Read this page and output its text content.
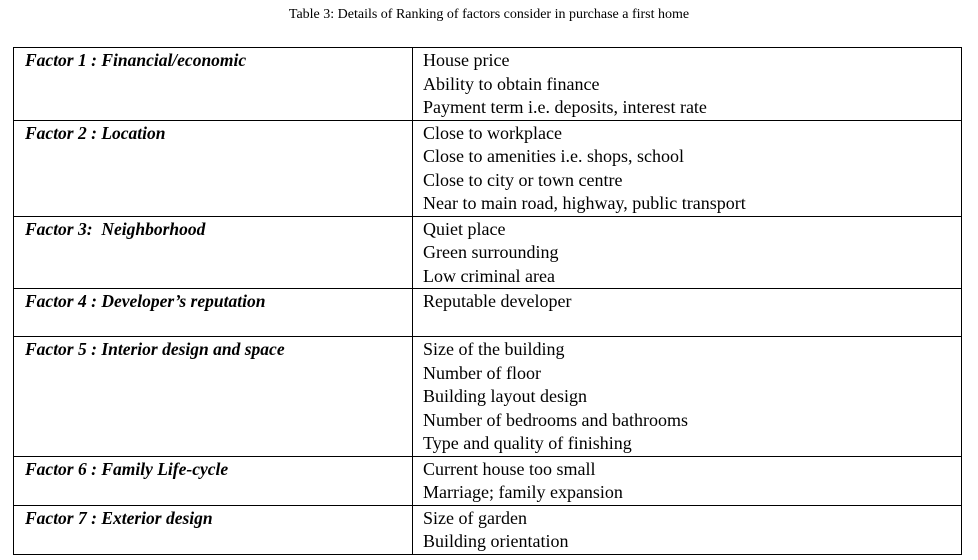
Table 3: Details of Ranking of factors consider in purchase a first home
Factor 1 : Financial/economic	House price
Ability to obtain finance
Payment term i.e. deposits, interest rate

Factor 2 : Location	Close to workplace
Close to amenities i.e. shops, school
Close to city or town centre
Near to main road, highway, public transport

Factor 3:  Neighborhood	Quiet place
Green surrounding
Low criminal area

Factor 4 : Developer’s reputation	Reputable developer

Factor 5 : Interior design and space	Size of the building
Number of floor
Building layout design
Number of bedrooms and bathrooms
Type and quality of finishing

Factor 6 : Family Life-cycle	Current house too small
Marriage; family expansion

Factor 7 : Exterior design	Size of garden
Building orientation
